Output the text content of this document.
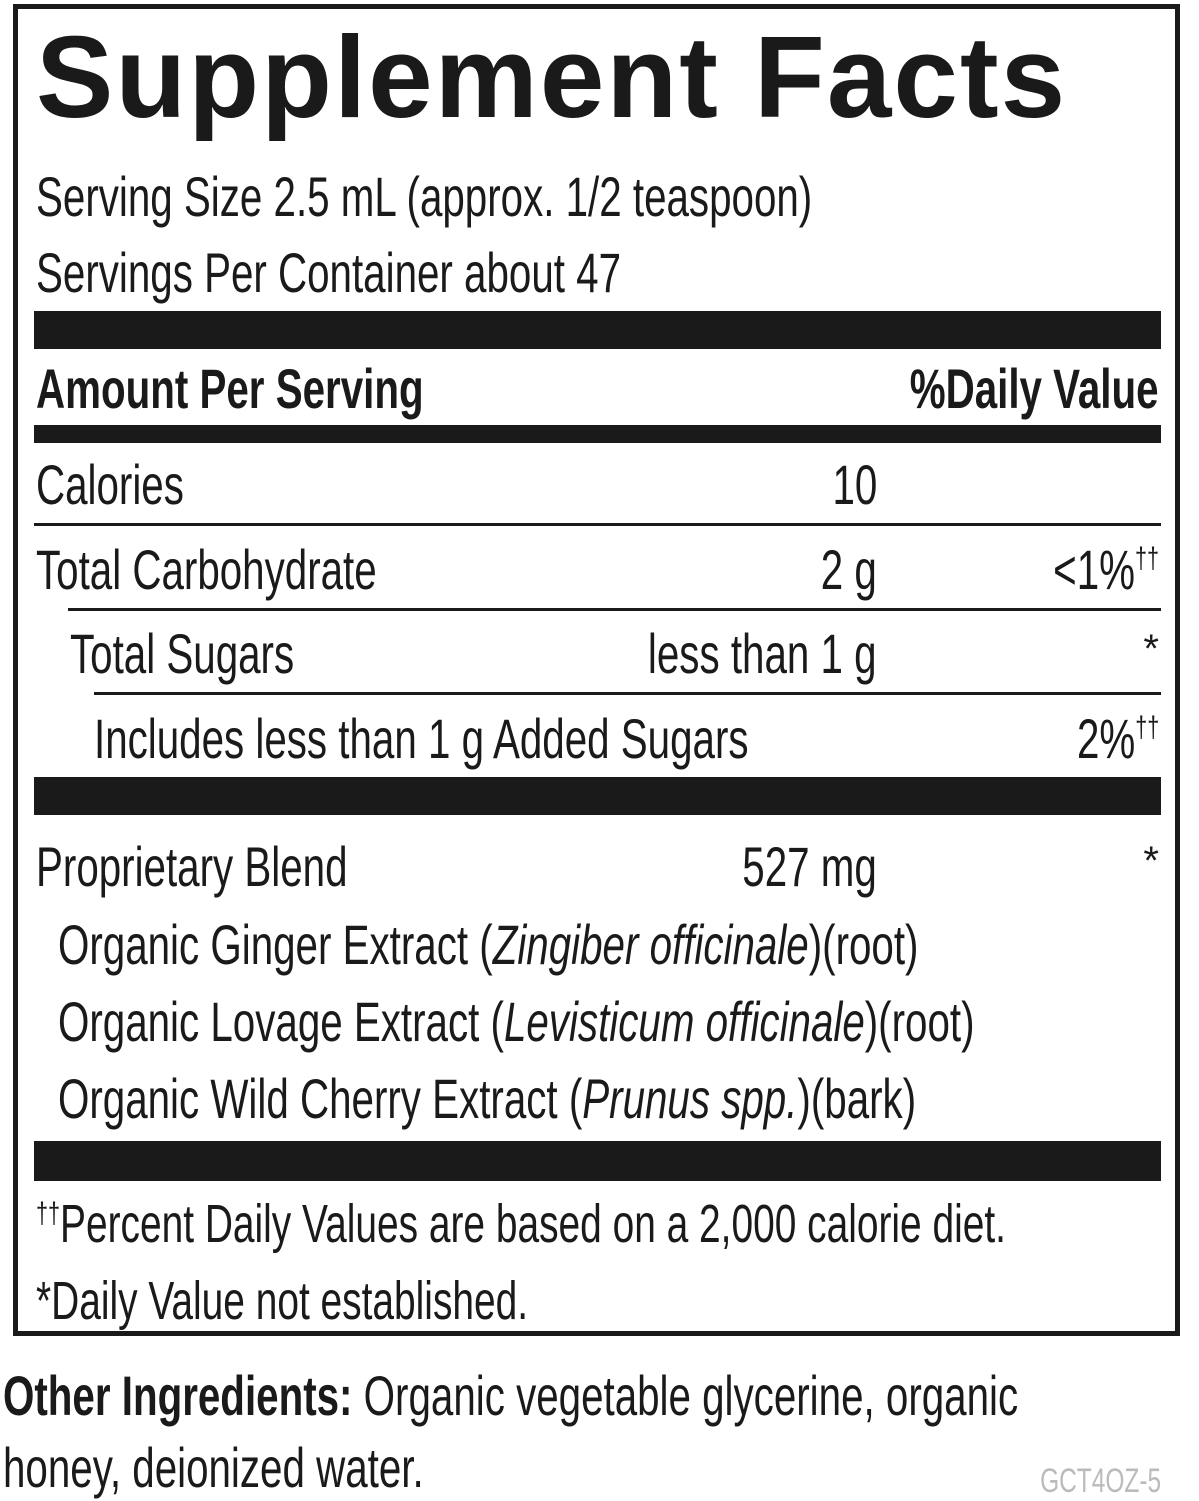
Supplement Facts
Serving Size 2.5 mL (approx. 1/2 teaspoon)
Servings Per Container about 47
Amount Per Serving	%Daily Value
Calories	10
Total Carbohydrate	2 g	<1%††
Total Sugars	less than 1 g	*
Includes less than 1 g Added Sugars	2%††
Proprietary Blend	527 mg	*
Organic Ginger Extract (Zingiber officinale)(root)
Organic Lovage Extract (Levisticum officinale)(root)
Organic Wild Cherry Extract (Prunus spp.)(bark)
††Percent Daily Values are based on a 2,000 calorie diet.
*Daily Value not established.
Other Ingredients: Organic vegetable glycerine, organic
honey, deionized water.	GCT4OZ-5
